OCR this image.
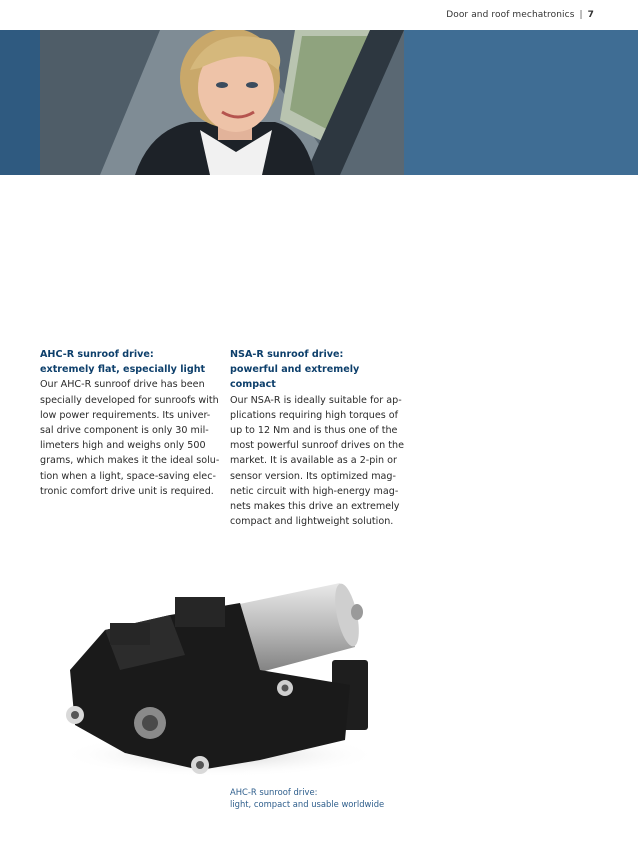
Door and roof mechatronics | 7
AHC-R sunroof drive:
extremely flat, especially light
Our AHC-R sunroof drive has been
specially developed for sunroofs with
low power requirements. Its univer-
sal drive component is only 30 mil-
limeters high and weighs only 500
grams, which makes it the ideal solu-
tion when a light, space-saving elec-
tronic comfort drive unit is required.
NSA-R sunroof drive:
powerful and extremely compact
Our NSA-R is ideally suitable for ap-
plications requiring high torques of
up to 12 Nm and is thus one of the
most powerful sunroof drives on the
market. It is available as a 2-pin or
sensor version. Its optimized mag-
netic circuit with high-energy mag-
nets makes this drive an extremely
compact and lightweight solution.
AHC-R sunroof drive:
light, compact and usable worldwide
